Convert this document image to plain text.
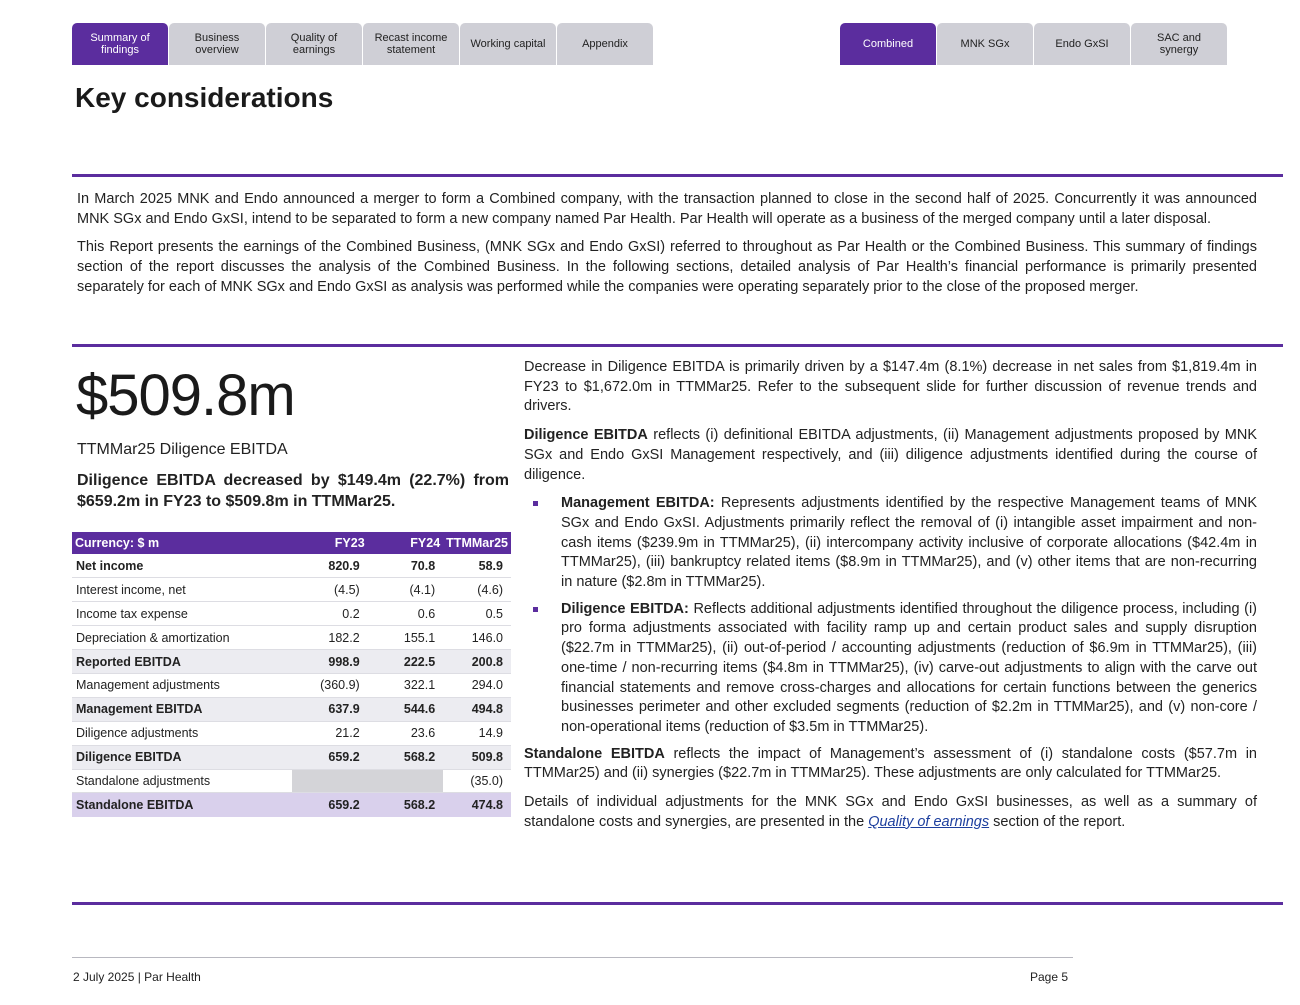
Summary of findings
Business overview
Quality of earnings
Recast income statement	Working capital	Appendix	Combined	MNK SGx	Endo GxSI	SAC and synergy
Key considerations

In March 2025 MNK and Endo announced a merger to form a Combined company, with the transaction planned to close in the second half of 2025. Concurrently it was announced MNK SGx and Endo GxSI, intend to be separated to form a new company named Par Health. Par Health will operate as a business of the merged company until a later disposal.

This Report presents the earnings of the Combined Business, (MNK SGx and Endo GxSI) referred to throughout as Par Health or the Combined Business. This summary of findings section of the report discusses the analysis of the Combined Business. In the following sections, detailed analysis of Par Health’s financial performance is primarily presented separately for each of MNK SGx and Endo GxSI as analysis was performed while the companies were operating separately prior to the close of the proposed merger.

$509.8m
TTMMar25 Diligence EBITDA
Diligence EBITDA decreased by $149.4m (22.7%) from $659.2m in FY23 to $509.8m in TTMMar25.
Currency: $ m	FY23	FY24	TTMMar25
Net income	820.9	70.8	58.9
Interest income, net	(4.5)	(4.1)	(4.6)
Income tax expense	0.2	0.6	0.5
Depreciation & amortization	182.2	155.1	146.0
Reported EBITDA	998.9	222.5	200.8
Management adjustments	(360.9)	322.1	294.0
Management EBITDA	637.9	544.6	494.8
Diligence adjustments	21.2	23.6	14.9
Diligence EBITDA	659.2	568.2	509.8
Standalone adjustments			(35.0)
Standalone EBITDA	659.2	568.2	474.8

Decrease in Diligence EBITDA is primarily driven by a $147.4m (8.1%) decrease in net sales from $1,819.4m in FY23 to $1,672.0m in TTMMar25. Refer to the subsequent slide for further discussion of revenue trends and drivers.

Diligence EBITDA reflects (i) definitional EBITDA adjustments, (ii) Management adjustments proposed by MNK SGx and Endo GxSI Management respectively, and (iii) diligence adjustments identified during the course of diligence.

Management EBITDA: Represents adjustments identified by the respective Management teams of MNK SGx and Endo GxSI. Adjustments primarily reflect the removal of (i) intangible asset impairment and non-cash items ($239.9m in TTMMar25), (ii) intercompany activity inclusive of corporate allocations ($42.4m in TTMMar25), (iii) bankruptcy related items ($8.9m in TTMMar25), and (v) other items that are non-recurring in nature ($2.8m in TTMMar25).
Diligence EBITDA: Reflects additional adjustments identified throughout the diligence process, including (i) pro forma adjustments associated with facility ramp up and certain product sales and supply disruption ($22.7m in TTMMar25), (ii) out-of-period / accounting adjustments (reduction of $6.9m in TTMMar25), (iii) one-time / non-recurring items ($4.8m in TTMMar25), (iv) carve-out adjustments to align with the carve out financial statements and remove cross-charges and allocations for certain functions between the generics businesses perimeter and other excluded segments (reduction of $2.2m in TTMMar25), and (v) non-core / non-operational items (reduction of $3.5m in TTMMar25).

Standalone EBITDA reflects the impact of Management’s assessment of (i) standalone costs ($57.7m in TTMMar25) and (ii) synergies ($22.7m in TTMMar25). These adjustments are only calculated for TTMMar25.

Details of individual adjustments for the MNK SGx and Endo GxSI businesses, as well as a summary of standalone costs and synergies, are presented in the Quality of earnings section of the report.

2 July 2025 | Par Health	Page 5
